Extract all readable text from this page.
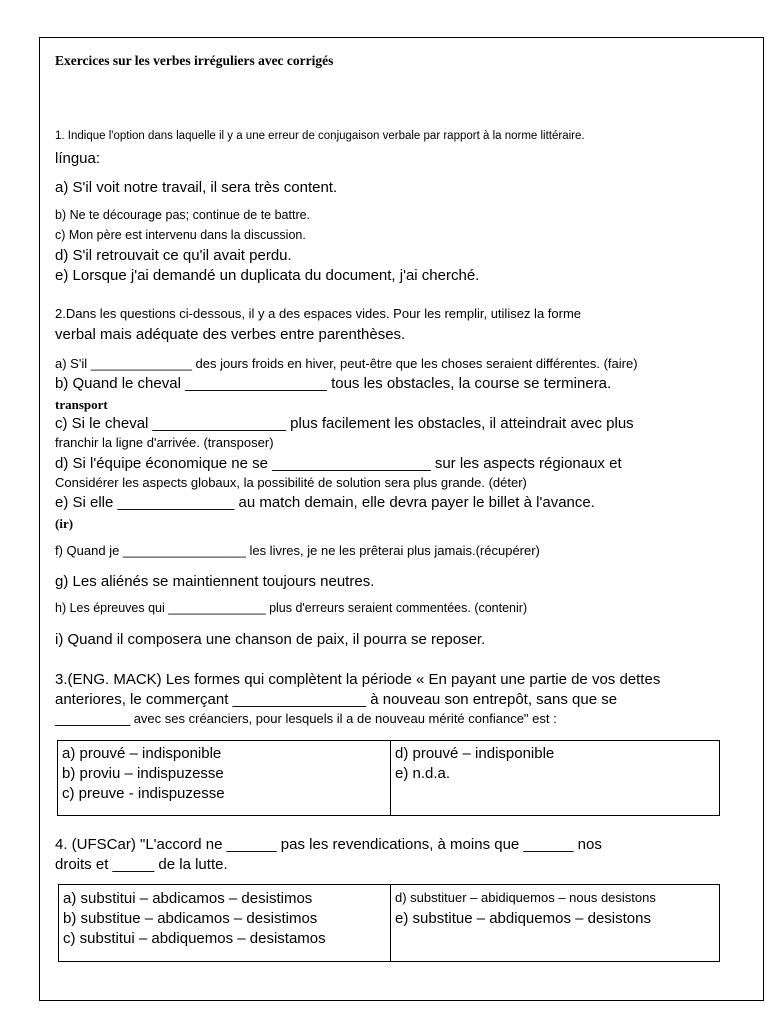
Exercices sur les verbes irréguliers avec corrigés
1. Indique l'option dans laquelle il y a une erreur de conjugaison verbale par rapport à la norme littéraire.
língua:
a) S'il voit notre travail, il sera très content.
b) Ne te décourage pas; continue de te battre.
c) Mon père est intervenu dans la discussion.
d) S'il retrouvait ce qu'il avait perdu.
e) Lorsque j'ai demandé un duplicata du document, j'ai cherché.
2.Dans les questions ci-dessous, il y a des espaces vides. Pour les remplir, utilisez la forme
verbal mais adéquate des verbes entre parenthèses.
a) S'il ______________ des jours froids en hiver, peut-être que les choses seraient différentes. (faire)
b) Quand le cheval _________________ tous les obstacles, la course se terminera.
transport
c) Si le cheval ________________ plus facilement les obstacles, il atteindrait avec plus
franchir la ligne d'arrivée. (transposer)
d) Si l'équipe économique ne se ___________________ sur les aspects régionaux et
Considérer les aspects globaux, la possibilité de solution sera plus grande. (déter)
e) Si elle ______________ au match demain, elle devra payer le billet à l'avance.
(ir)
f) Quand je _________________ les livres, je ne les prêterai plus jamais.(récupérer)
g) Les aliénés se maintiennent toujours neutres.
h) Les épreuves qui ______________ plus d'erreurs seraient commentées. (contenir)
i) Quand il composera une chanson de paix, il pourra se reposer.
3.(ENG. MACK) Les formes qui complètent la période « En payant une partie de vos dettes
anteriores, le commerçant ________________ à nouveau son entrepôt, sans que se
_________ avec ses créanciers, pour lesquels il a de nouveau mérité confiance" est :
a) prouvé – indisponible
b) proviu – indispuzesse
c) preuve - indispuzesse
d) prouvé – indisponible
e) n.d.a.
4. (UFSCar) "L'accord ne ______ pas les revendications, à moins que ______ nos
droits et _____ de la lutte.
a) substitui – abdicamos – desistimos
b) substitue – abdicamos – desistimos
c) substitui – abdiquemos – desistamos
d) substituer – abidiquemos – nous desistons
e) substitue – abdiquemos – desistons
